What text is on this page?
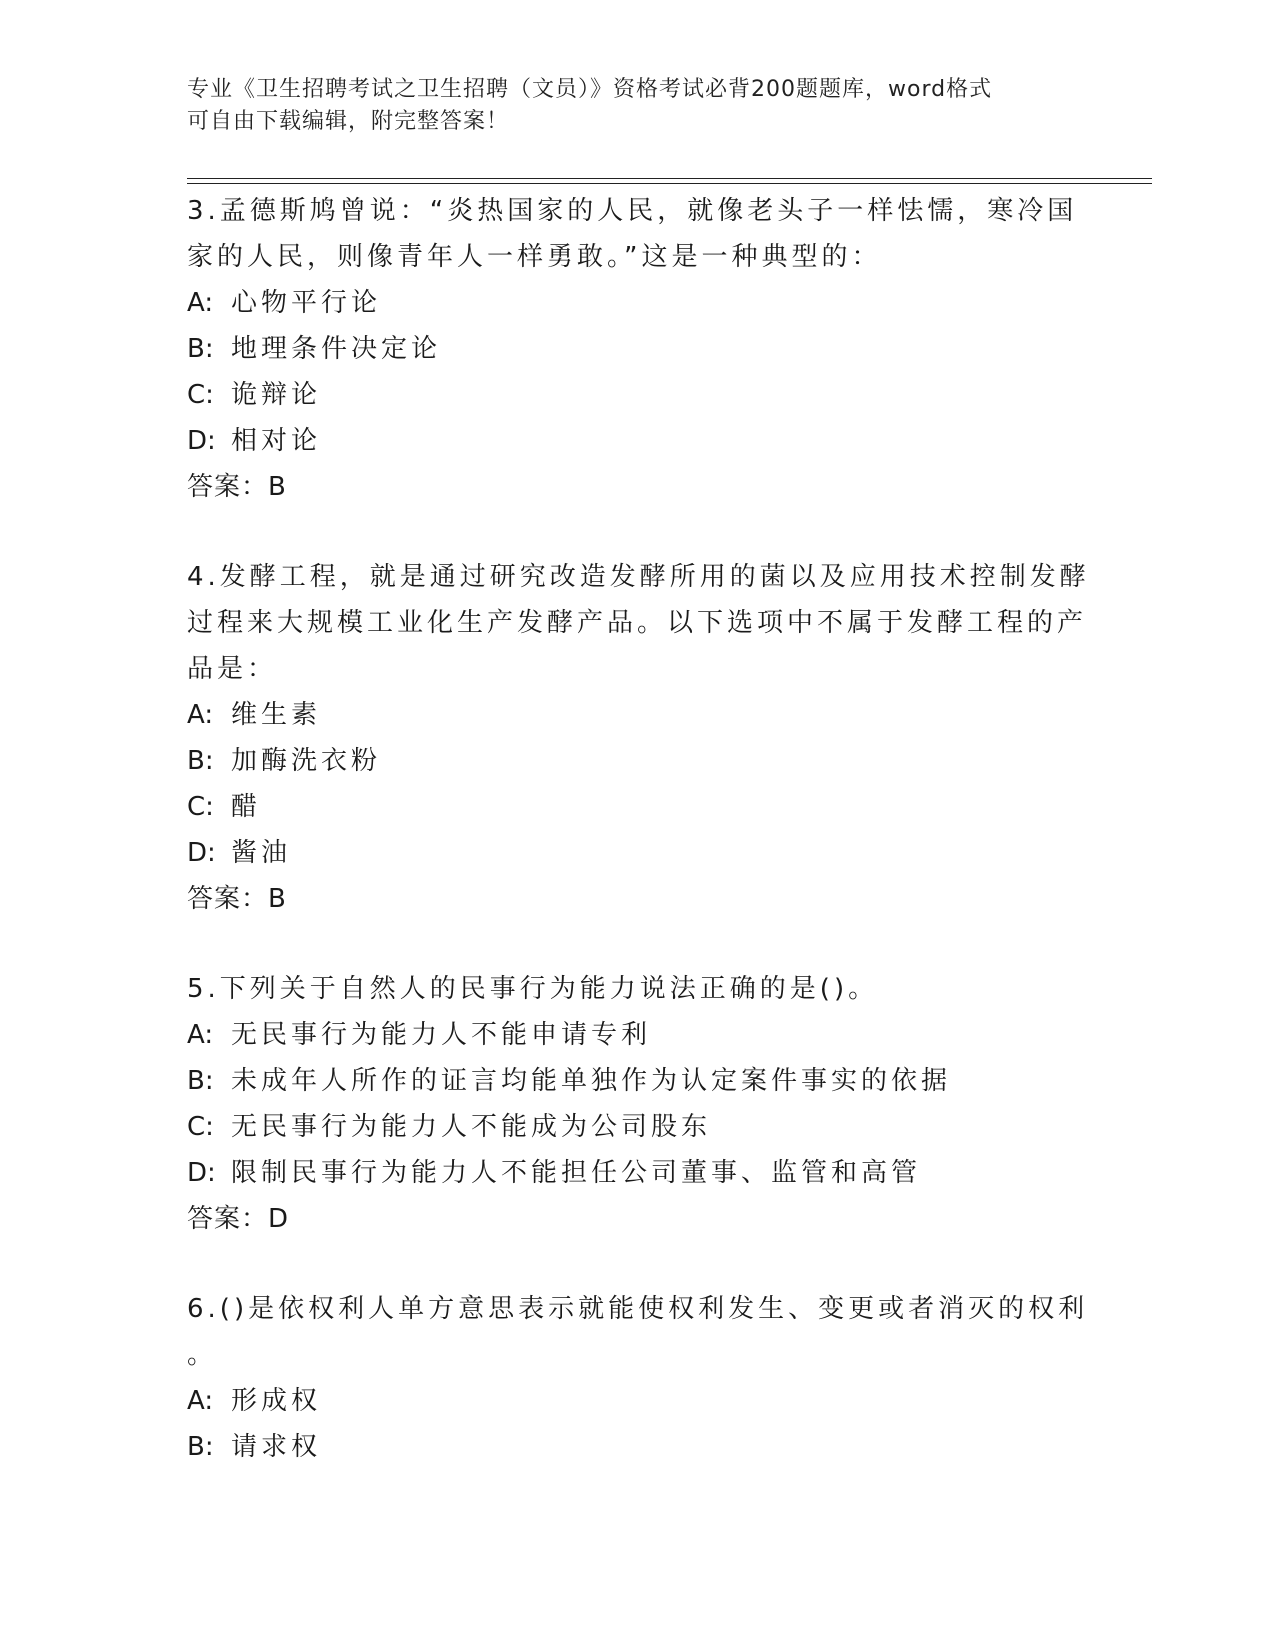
专业《卫生招聘考试之卫生招聘（文员）》资格考试必背200题题库，word格式
可自由下载编辑，附完整答案！
3.孟德斯鸠曾说：“炎热国家的人民，就像老头子一样怯懦，寒冷国
家的人民，则像青年人一样勇敢。”这是一种典型的：
A: 心物平行论
B: 地理条件决定论
C: 诡辩论
D: 相对论
答案：B
4.发酵工程，就是通过研究改造发酵所用的菌以及应用技术控制发酵
过程来大规模工业化生产发酵产品。以下选项中不属于发酵工程的产
品是：
A: 维生素
B: 加酶洗衣粉
C: 醋
D: 酱油
答案：B
5.下列关于自然人的民事行为能力说法正确的是()。
A: 无民事行为能力人不能申请专利
B: 未成年人所作的证言均能单独作为认定案件事实的依据
C: 无民事行为能力人不能成为公司股东
D: 限制民事行为能力人不能担任公司董事、监管和高管
答案：D
6.()是依权利人单方意思表示就能使权利发生、变更或者消灭的权利
。
A: 形成权
B: 请求权
